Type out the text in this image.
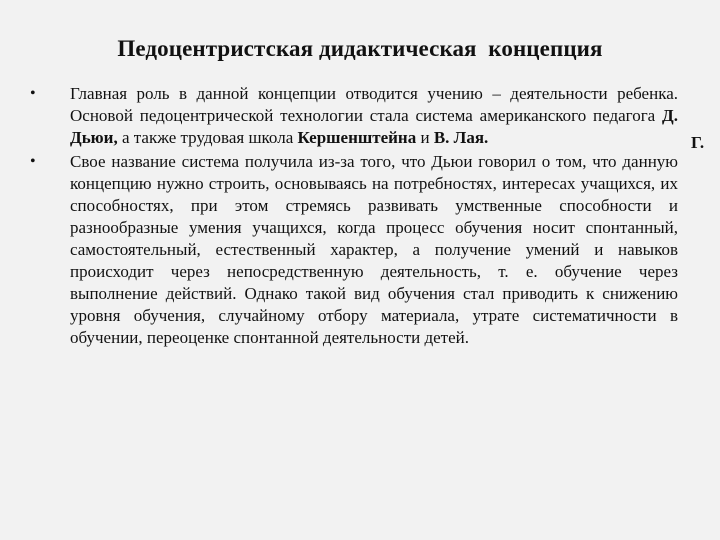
Педоцентристская дидактическая  концепция
• Главная роль в данной концепции отводится учению – деятельности ребенка. Основой педоцентрической технологии стала система американского педагога Д. Дьюи, а также трудовая школа Кершенштейна и В. Лая.
• Свое название система получила из-за того, что Дьюи говорил о том, что данную концепцию нужно строить, основываясь на потребностях, интересах учащихся, их способностях, при этом стремясь развивать умственные способности и разнообразные умения учащихся, когда процесс обучения носит спонтанный, самостоятельный, естественный характер, а получение умений и навыков происходит через непосредственную деятельность, т. е. обучение через выполнение действий. Однако такой вид обучения стал приводить к снижению уровня обучения, случайному отбору материала, утрате систематичности в обучении, переоценке спонтанной деятельности детей.
Г.
